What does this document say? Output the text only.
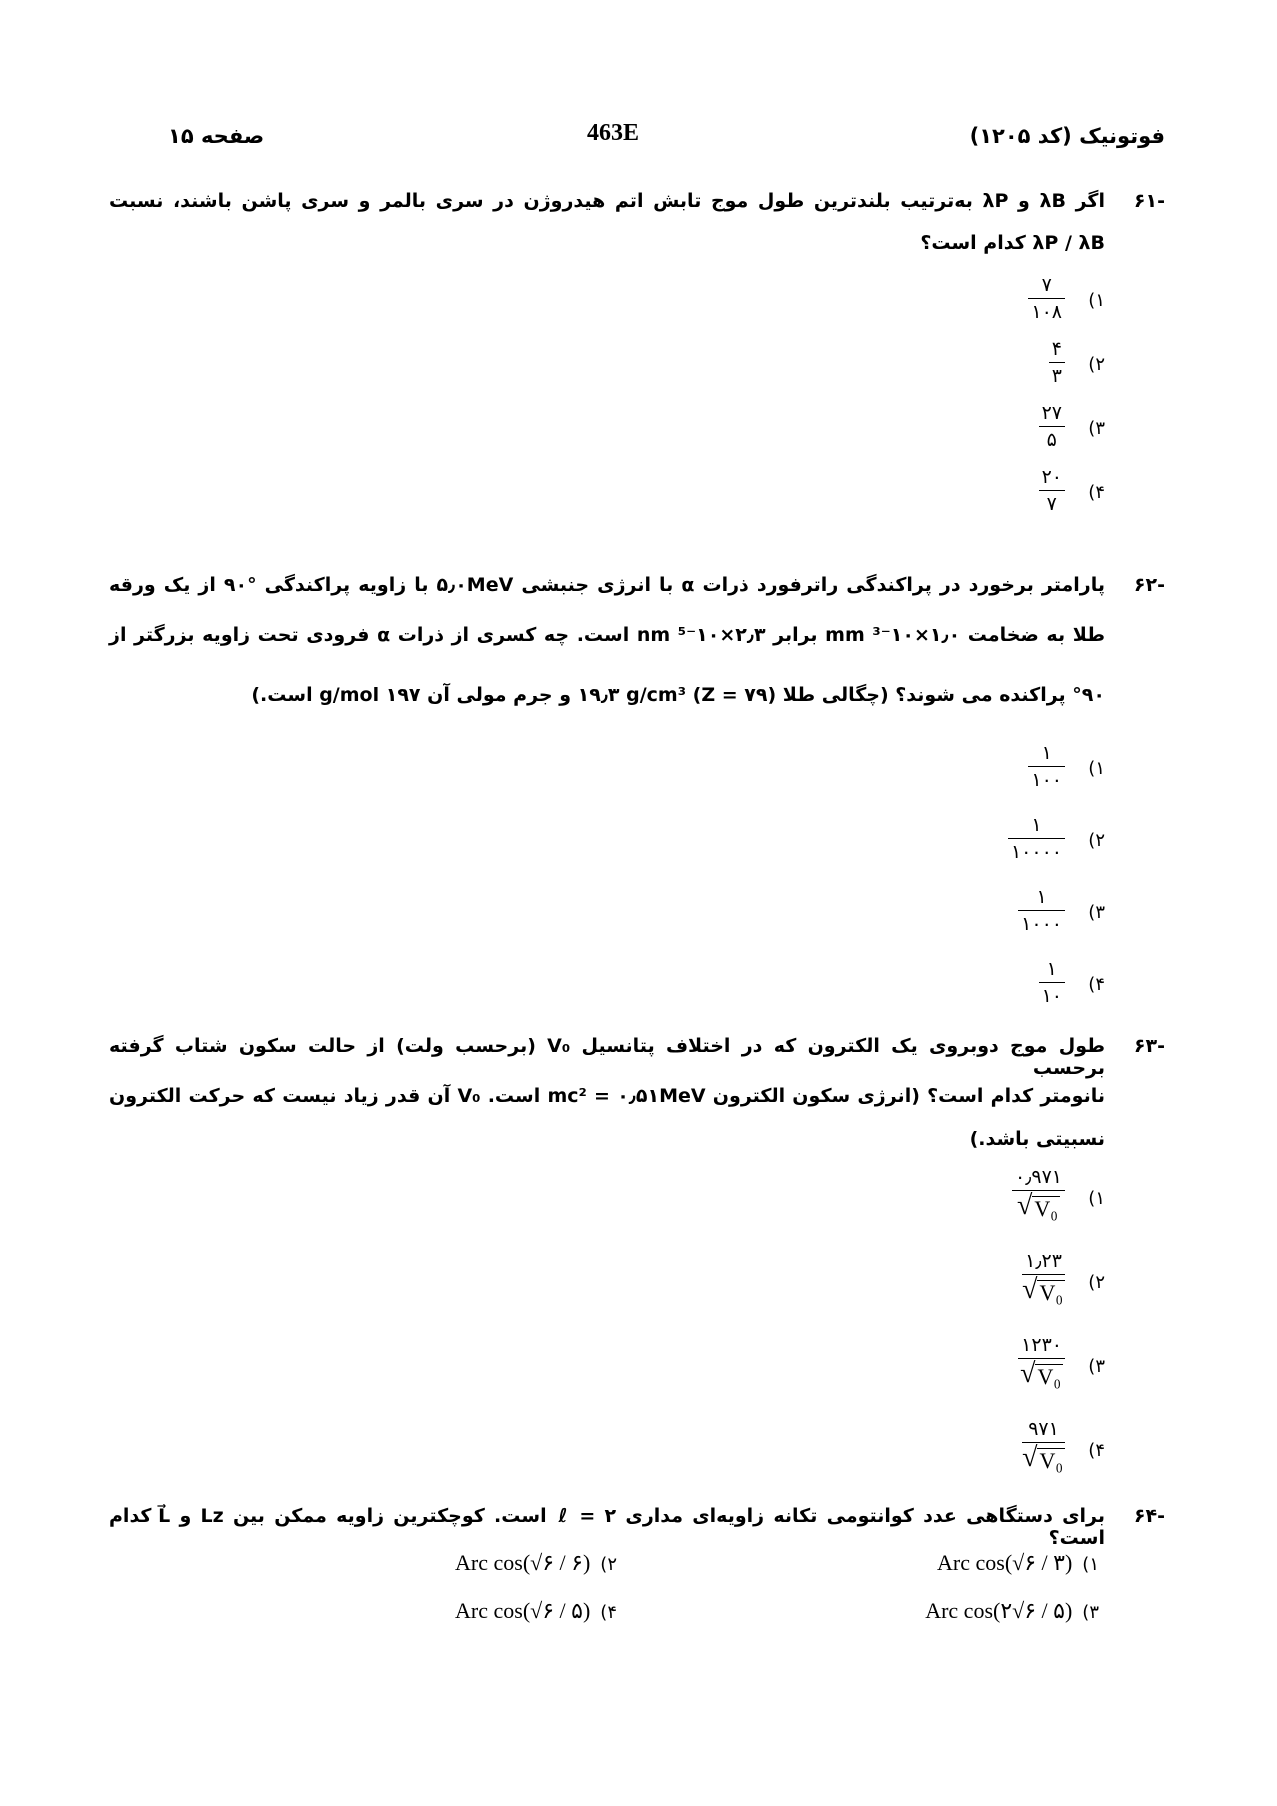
فوتونیک (کد ۱۲۰۵)
463E
صفحه ۱۵
-۶۱
اگر λB و λP به‌ترتیب بلندترین طول موج تابش اتم هیدروژن در سری بالمر و سری پاشن باشند، نسبت
λP / λB کدام است؟
۱)
۷
۱۰۸
۲)
۴
۳
۳)
۲۷
۵
۴)
۲۰
۷
-۶۲
پارامتر برخورد در پراکندگی راترفورد ذرات α با انرژی جنبشی ۵٫۰MeV با زاویه پراکندگی °۹۰ از یک ورقه
طلا به ضخامت ۱٫۰×۱۰⁻³ mm برابر ۲٫۳×۱۰⁻⁵ nm است. چه کسری از ذرات α فرودی تحت زاویه بزرگتر از
°۹۰ پراکنده می شوند؟ (چگالی طلا (Z = ۷۹) ۱۹٫۳ g/cm³ و جرم مولی آن ۱۹۷ g/mol است.)
۱)
۱
۱۰۰
۲)
۱
۱۰۰۰۰
۳)
۱
۱۰۰۰
۴)
۱
۱۰
-۶۳
طول موج دوبروی یک الکترون که در اختلاف پتانسیل V₀ (برحسب ولت) از حالت سکون شتاب گرفته برحسب
نانومتر کدام است؟ (انرژی سکون الکترون mc² = ۰٫۵۱MeV است. V₀ آن قدر زیاد نیست که حرکت الکترون
نسبیتی باشد.)
۱)
۰٫۹۷۱
√ V₀
۲)
۱٫۲۳
√ V₀
۳)
۱۲۳۰
√ V₀
۴)
۹۷۱
√ V₀
-۶۴
برای دستگاهی عدد کوانتومی تکانه زاویه‌ای مداری ℓ = ۲ است. کوچکترین زاویه ممکن بین Lz و L⃗ کدام است؟
Arc cos(√۶ / ۳) ۱)
Arc cos(√۶ / ۶) ۲)
Arc cos(۲√۶ / ۵) ۳)
Arc cos(√۶ / ۵) ۴)
